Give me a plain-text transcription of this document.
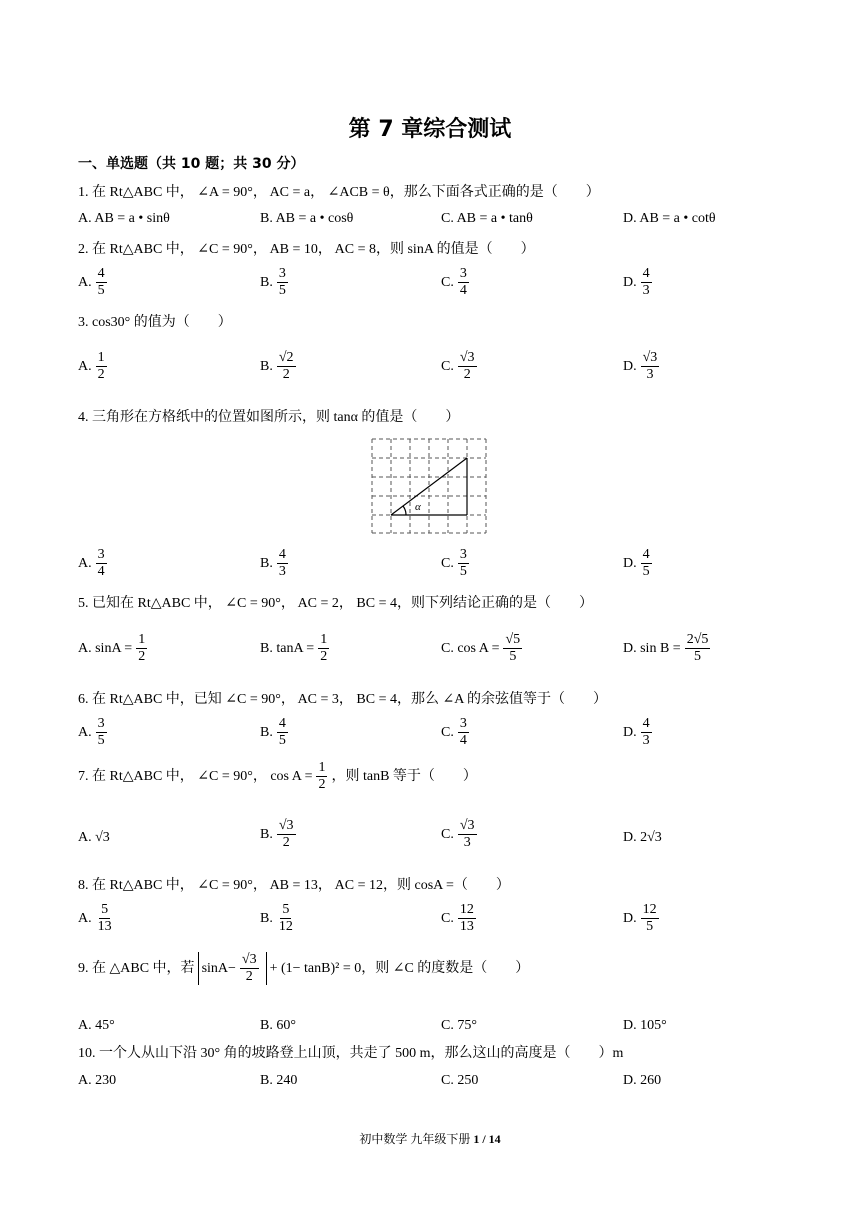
第 7 章综合测试
一、单选题（共 10 题；共 30 分）
1. 在 Rt△ABC 中， ∠A = 90°， AC = a， ∠ACB = θ，那么下面各式正确的是（　　）
A. AB = a • sinθ	B. AB = a • cosθ	C. AB = a • tanθ	D. AB = a • cotθ
2. 在 Rt△ABC 中， ∠C = 90°， AB = 10， AC = 8，则 sinA 的值是（　　）
A. $\frac{4}{5}$	B. $\frac{3}{5}$	C. $\frac{3}{4}$	D. $\frac{4}{3}$
3. cos30° 的值为（　　）
A. $\frac{1}{2}$	B. $\frac{√2}{2}$	C. $\frac{√3}{2}$	D. $\frac{√3}{3}$
4. 三角形在方格纸中的位置如图所示，则 tanα 的值是（　　）
α
A. $\frac{3}{4}$	B. $\frac{4}{3}$	C. $\frac{3}{5}$	D. $\frac{4}{5}$
5. 已知在 Rt△ABC 中， ∠C = 90°， AC = 2， BC = 4，则下列结论正确的是（　　）
A. $\sin A = \frac{1}{2}$	B. $\tan A = \frac{1}{2}$	C. $\cos A = \frac{√5}{5}$	D. $\sin B = \frac{2√5}{5}$
6. 在 Rt△ABC 中，已知 ∠C = 90°， AC = 3， BC = 4，那么 ∠A 的余弦值等于（　　）
A. $\frac{3}{5}$	B. $\frac{4}{5}$	C. $\frac{3}{4}$	D. $\frac{4}{3}$
7. 在 Rt△ABC 中， ∠C = 90°， $\cos A = \frac{1}{2}$ ，则 tanB 等于（　　）
A. √3	B. $\frac{√3}{2}$	C. $\frac{√3}{3}$	D. 2√3
8. 在 Rt△ABC 中， ∠C = 90°， AB = 13， AC = 12，则 cosA =（　　）
A. $\frac{5}{13}$	B. $\frac{5}{12}$	C. $\frac{12}{13}$	D. $\frac{12}{5}$
9. 在 △ABC 中，若 $\sin A- \frac{√3}{2} + (1- \tan B)^2 = 0$，则 ∠C 的度数是（　　）
A. 45°	B. 60°	C. 75°	D. 105°
10. 一个人从山下沿 30° 角的坡路登上山顶，共走了 500 m，那么这山的高度是（　　）m
A. 230	B. 240	C. 250	D. 260
初中数学 九年级下册 1 / 14
